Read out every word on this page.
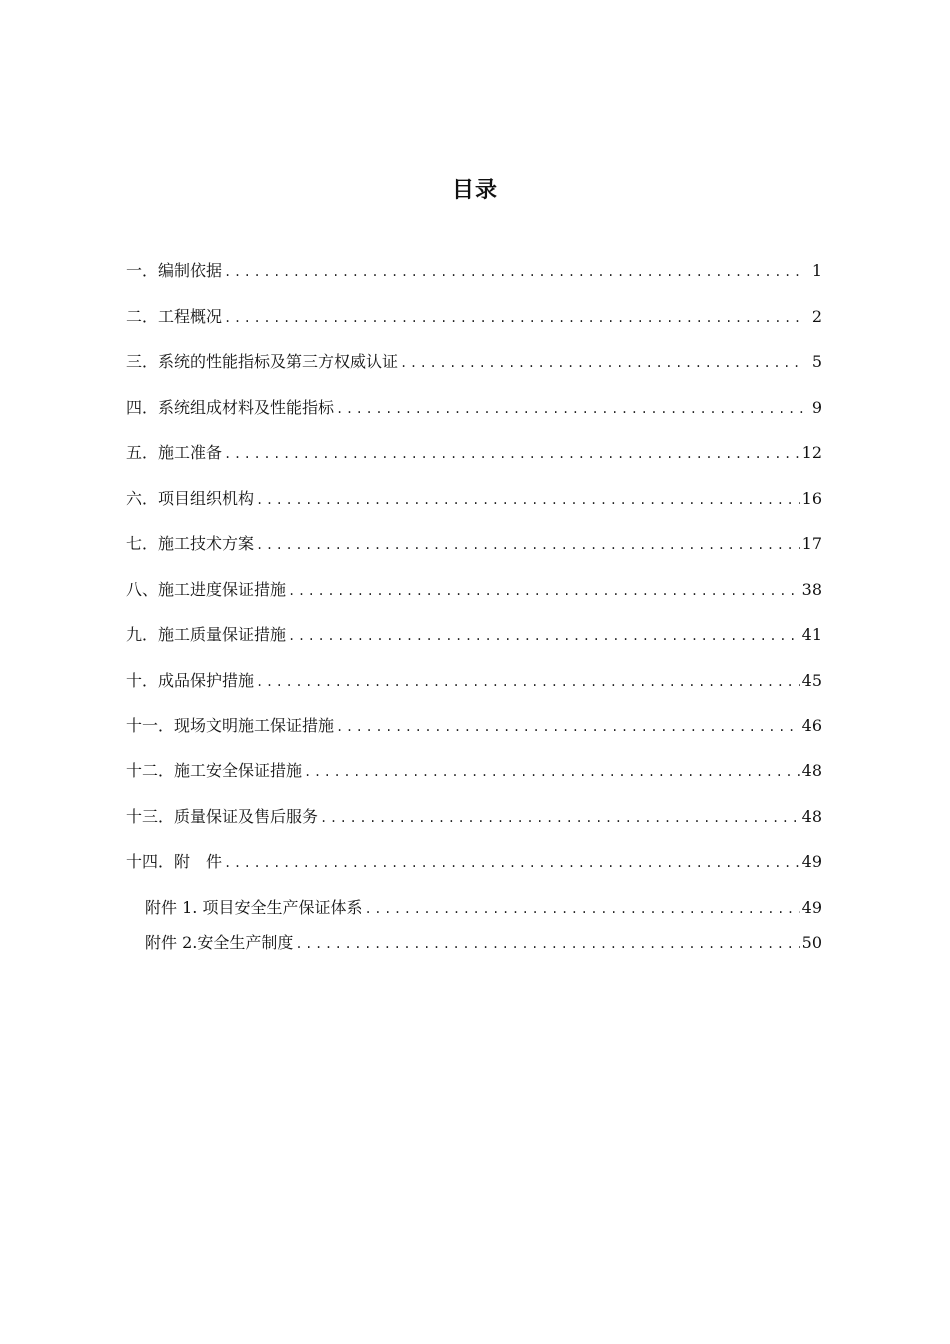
目录
一．编制依据 .....	1
二．工程概况 .....	2
三．系统的性能指标及第三方权威认证 .....	5
四．系统组成材料及性能指标 .....	9
五．施工准备 .....	12
六．项目组织机构 .....	16
七．施工技术方案 .....	17
八、施工进度保证措施 .....	38
九．施工质量保证措施 .....	41
十．成品保护措施 .....	45
十一．现场文明施工保证措施 .....	46
十二．施工安全保证措施 .....	48
十三．质量保证及售后服务 .....	48
十四．附　件 .....	49
附件 1. 项目安全生产保证体系 .....	49
附件 2.安全生产制度 .....	50
